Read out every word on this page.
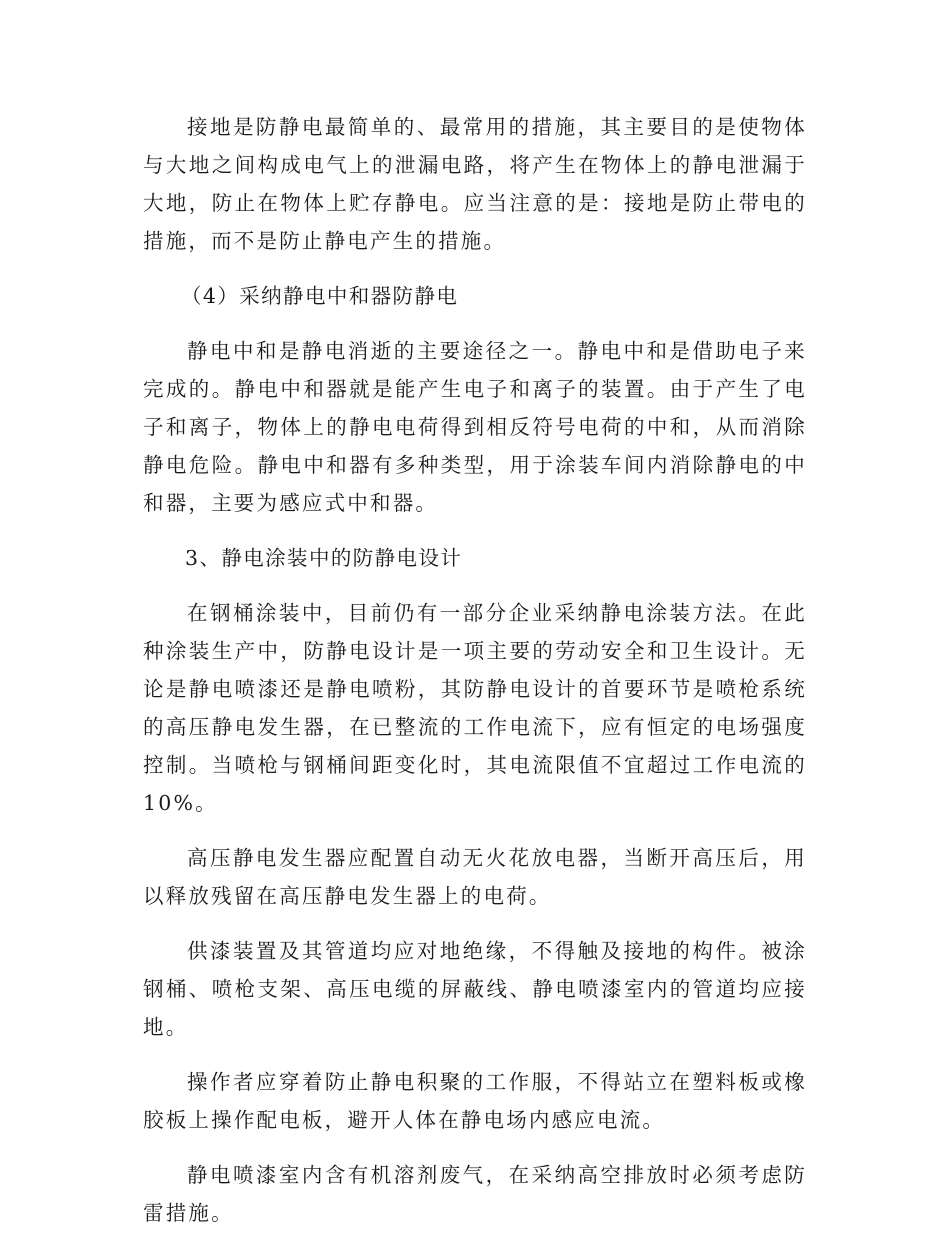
接地是防静电最简单的、最常用的措施，其主要目的是使物体与大地之间构成电气上的泄漏电路，将产生在物体上的静电泄漏于大地，防止在物体上贮存静电。应当注意的是：接地是防止带电的措施，而不是防止静电产生的措施。

（4）采纳静电中和器防静电

静电中和是静电消逝的主要途径之一。静电中和是借助电子来完成的。静电中和器就是能产生电子和离子的装置。由于产生了电子和离子，物体上的静电电荷得到相反符号电荷的中和，从而消除静电危险。静电中和器有多种类型，用于涂装车间内消除静电的中和器，主要为感应式中和器。

3、静电涂装中的防静电设计

在钢桶涂装中，目前仍有一部分企业采纳静电涂装方法。在此种涂装生产中，防静电设计是一项主要的劳动安全和卫生设计。无论是静电喷漆还是静电喷粉，其防静电设计的首要环节是喷枪系统的高压静电发生器，在已整流的工作电流下，应有恒定的电场强度控制。当喷枪与钢桶间距变化时，其电流限值不宜超过工作电流的10%。

高压静电发生器应配置自动无火花放电器，当断开高压后，用以释放残留在高压静电发生器上的电荷。

供漆装置及其管道均应对地绝缘，不得触及接地的构件。被涂钢桶、喷枪支架、高压电缆的屏蔽线、静电喷漆室内的管道均应接地。

操作者应穿着防止静电积聚的工作服，不得站立在塑料板或橡胶板上操作配电板，避开人体在静电场内感应电流。

静电喷漆室内含有机溶剂废气，在采纳高空排放时必须考虑防雷措施。
